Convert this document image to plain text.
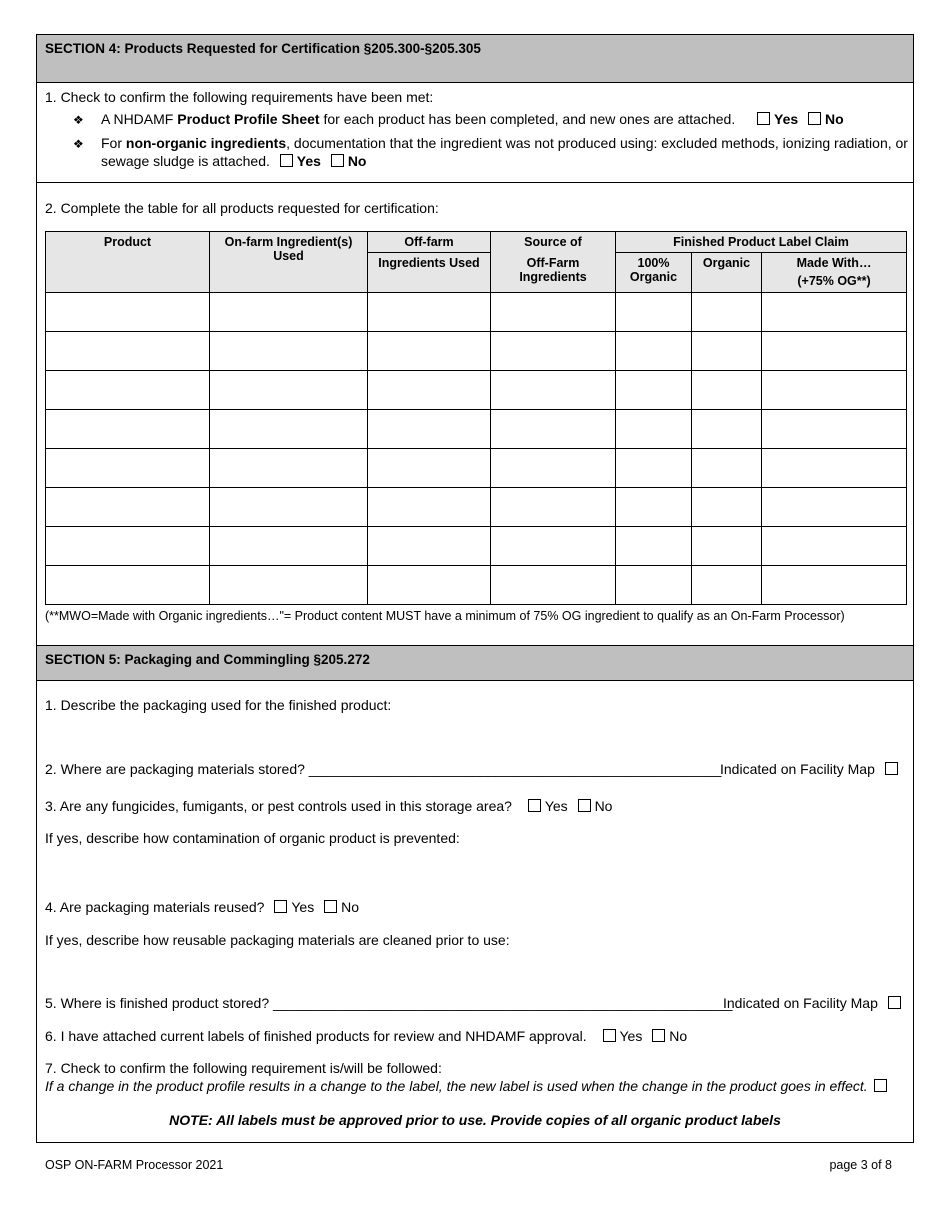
SECTION 4: Products Requested for Certification §205.300-§205.305
1. Check to confirm the following requirements have been met:
❖ A NHDAMF Product Profile Sheet for each product has been completed, and new ones are attached.	Yes No
❖ For non-organic ingredients, documentation that the ingredient was not produced using: excluded methods, ionizing radiation, or
sewage sludge is attached. Yes No
2. Complete the table for all products requested for certification:
Product	On-farm Ingredient(s) Used	Off-farm	Source of	Finished Product Label Claim		
		Ingredients Used	Off-Farm Ingredients	100% Organic	Organic	Made With…
(+75% OG**)

(**MWO=Made with Organic ingredients…"= Product content MUST have a minimum of 75% OG ingredient to qualify as an On-Farm Processor)
SECTION 5: Packaging and Commingling §205.272
1. Describe the packaging used for the finished product:
2. Where are packaging materials stored? _____________________________________________________
Indicated on Facility Map
3. Are any fungicides, fumigants, or pest controls used in this storage area? Yes No
If yes, describe how contamination of organic product is prevented:
4. Are packaging materials reused? Yes No
If yes, describe how reusable packaging materials are cleaned prior to use:
5. Where is finished product stored? ___________________________________________________________
Indicated on Facility Map
6. I have attached current labels of finished products for review and NHDAMF approval. Yes No
7. Check to confirm the following requirement is/will be followed:
If a change in the product profile results in a change to the label, the new label is used when the change in the product goes in effect.
NOTE: All labels must be approved prior to use. Provide copies of all organic product labels
OSP ON-FARM Processor 2021	page 3 of 8
